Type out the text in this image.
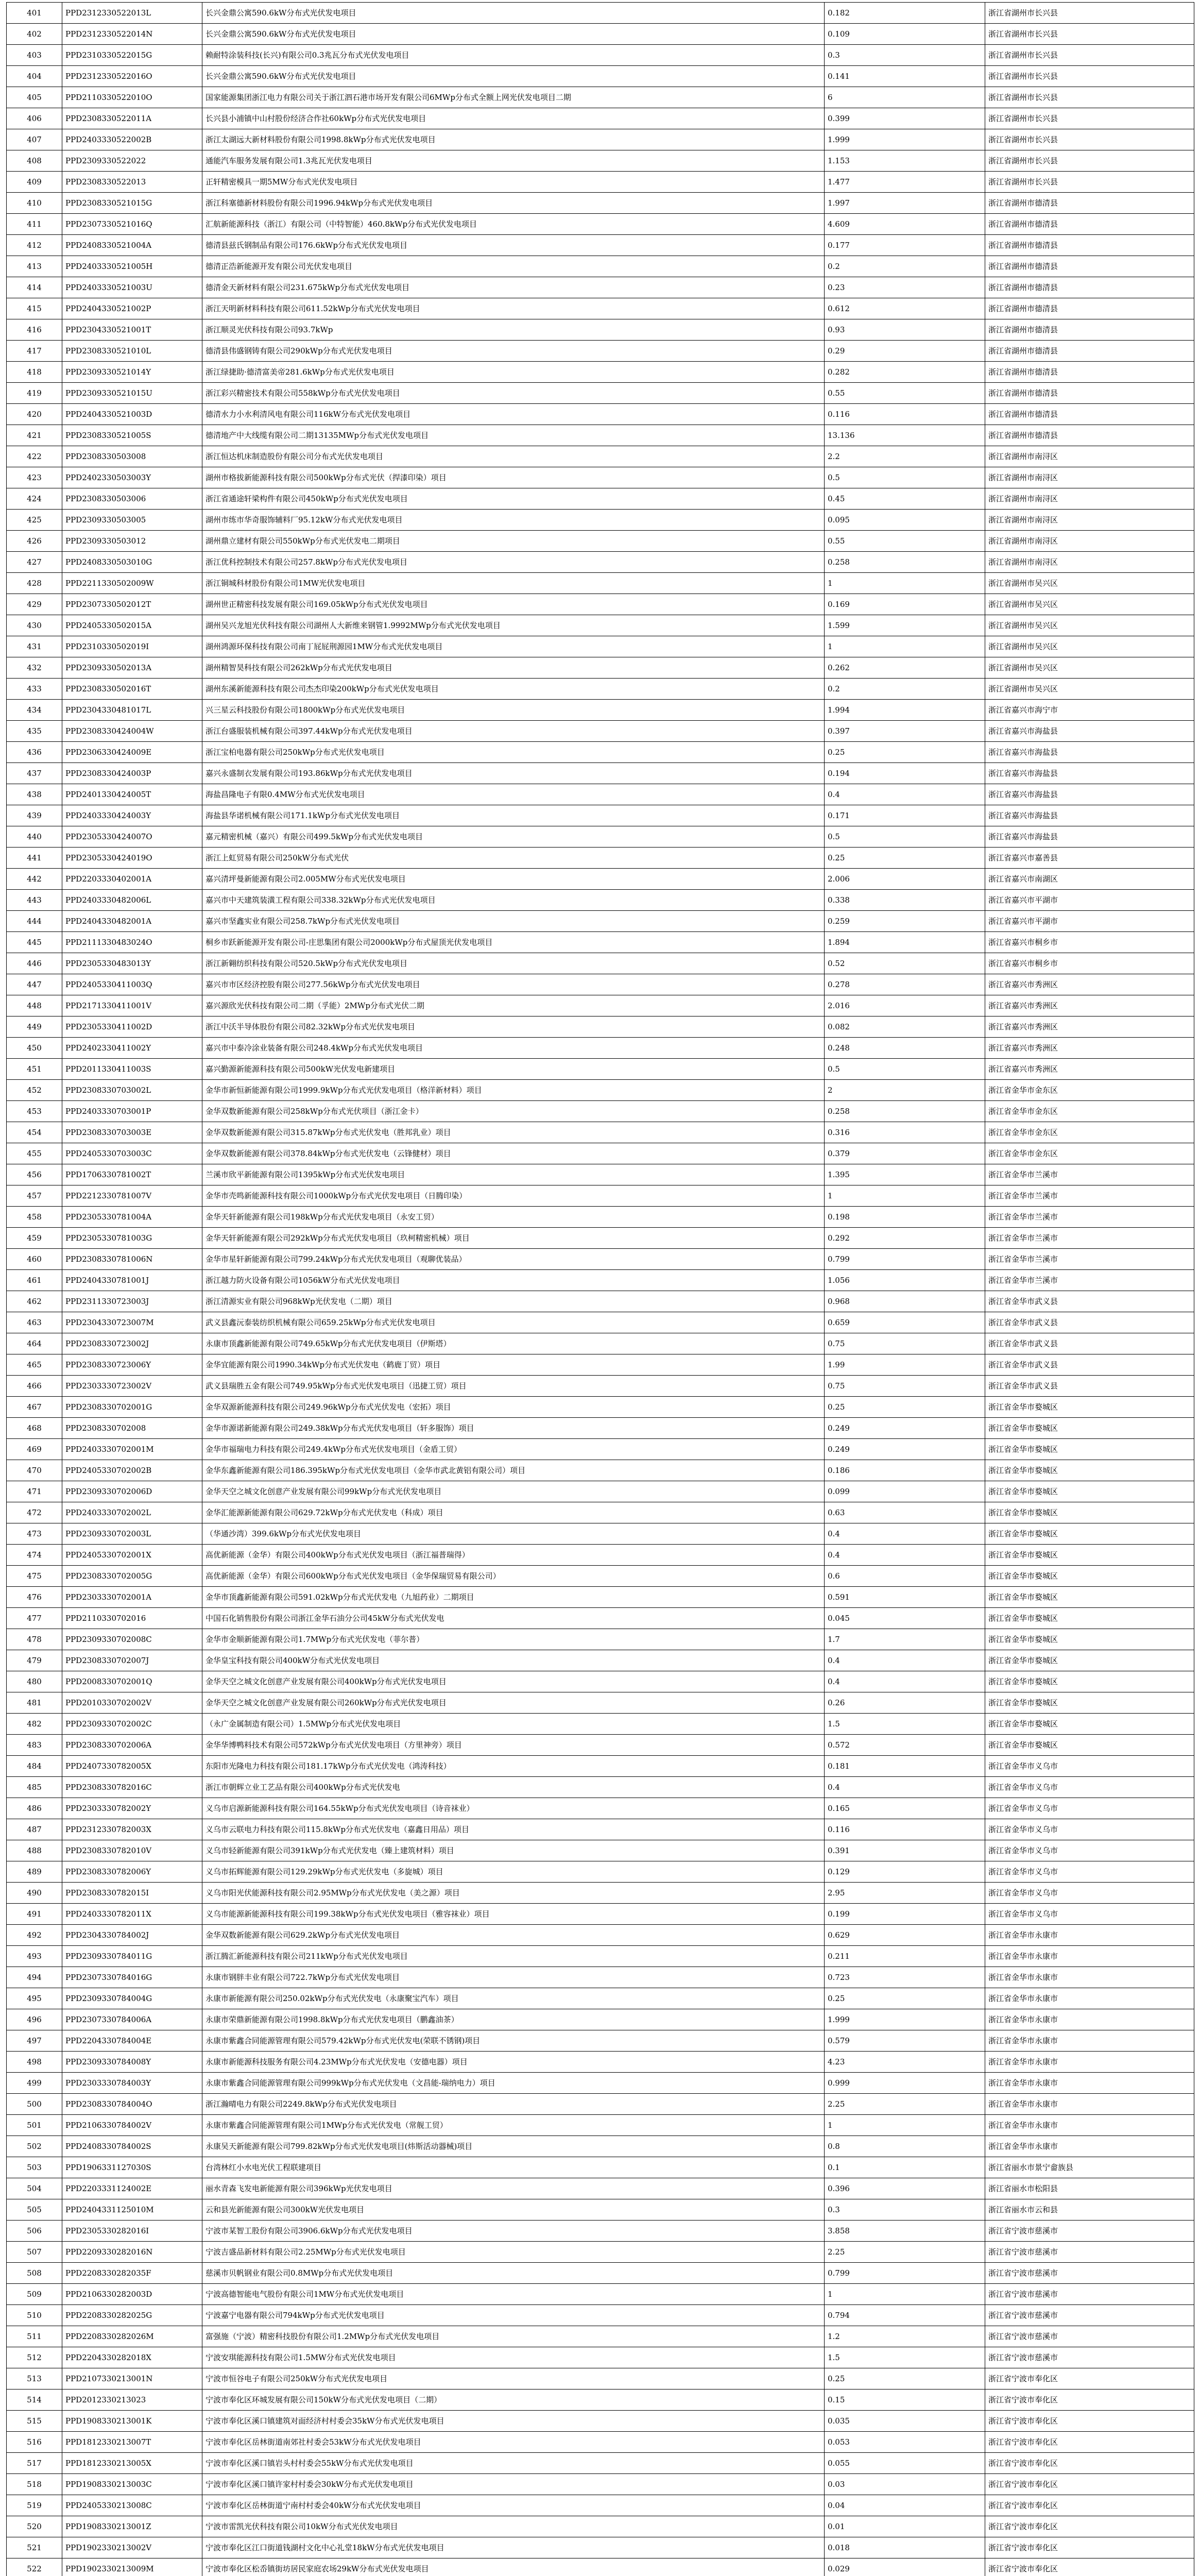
401	PPD2312330522013L	长兴金鼎公寓590.6kW分布式光伏发电项目	0.182	浙江省湖州市长兴县
402	PPD2312330522014N	长兴金鼎公寓590.6kW分布式光伏发电项目	0.109	浙江省湖州市长兴县
403	PPD2310330522015G	赖耐特涂装科技(长兴)有限公司0.3兆瓦分布式光伏发电项目	0.3	浙江省湖州市长兴县
404	PPD2312330522016O	长兴金鼎公寓590.6kW分布式光伏发电项目	0.141	浙江省湖州市长兴县
405	PPD2110330522010O	国家能源集团浙江电力有限公司关于浙江泗石港市场开发有限公司6MWp分布式全额上网光伏发电项目二期	6	浙江省湖州市长兴县
406	PPD2308330522011A	长兴县小浦镇中山村股份经济合作社60kWp分布式光伏发电项目	0.399	浙江省湖州市长兴县
407	PPD2403330522002B	浙江太湖远大新材料股份有限公司1998.8kWp分布式光伏发电项目	1.999	浙江省湖州市长兴县
408	PPD2309330522022	通能汽车服务发展有限公司1.3兆瓦光伏发电项目	1.153	浙江省湖州市长兴县
409	PPD2308330522013	正轩精密模具一期5MW分布式光伏发电项目	1.477	浙江省湖州市长兴县
410	PPD2308330521015G	浙江科塞德新材料股份有限公司1996.94kWp分布式光伏发电项目	1.997	浙江省湖州市德清县
411	PPD2307330521016Q	汇航新能源科技（浙江）有限公司（中特智能）460.8kWp分布式光伏发电项目	4.609	浙江省湖州市德清县
412	PPD2408330521004A	德清县兹氏钢制品有限公司176.6kWp分布式光伏发电项目	0.177	浙江省湖州市德清县
413	PPD2403330521005H	德清正浩新能源开发有限公司光伏发电项目	0.2	浙江省湖州市德清县
414	PPD2403330521003U	德清金天新材料有限公司231.675kWp分布式光伏发电项目	0.23	浙江省湖州市德清县
415	PPD2404330521002P	浙江天明新材料科技有限公司611.52kWp分布式光伏发电项目	0.612	浙江省湖州市德清县
416	PPD2304330521001T	浙江顺灵光伏科技有限公司93.7kWp	0.93	浙江省湖州市德清县
417	PPD2308330521010L	德清县伟盛钢铸有限公司290kWp分布式光伏发电项目	0.29	浙江省湖州市德清县
418	PPD2309330521014Y	浙江绿捷助·德清富美帝281.6kWp分布式光伏发电项目	0.282	浙江省湖州市德清县
419	PPD2309330521015U	浙江彩兴精密技术有限公司558kWp分布式光伏发电项目	0.55	浙江省湖州市德清县
420	PPD2404330521003D	德清水力小水利清风电有限公司116kW分布式光伏发电项目	0.116	浙江省湖州市德清县
421	PPD2308330521005S	德清地产中大线缆有限公司二期13135MWp分布式光伏发电项目	13.136	浙江省湖州市德清县
422	PPD2308330503008	浙江恒达机床制造股份有限公司分布式光伏发电项目	2.2	浙江省湖州市南浔区
423	PPD2402330503003Y	湖州市格拔新能源科技有限公司500kWp分布式光伏（捍漆印染）项目	0.5	浙江省湖州市南浔区
424	PPD2308330503006	浙江省通途轩梁构件有限公司450kWp分布式光伏发电项目	0.45	浙江省湖州市南浔区
425	PPD2309330503005	湖州市练市华奇服饰辅料厂95.12kW分布式光伏发电项目	0.095	浙江省湖州市南浔区
426	PPD2309330503012	湖州鼎立建材有限公司550kWp分布式光伏发电二期项目	0.55	浙江省湖州市南浔区
427	PPD2408330503010G	浙江优科控制技术有限公司257.8kWp分布式光伏发电项目	0.258	浙江省湖州市南浔区
428	PPD2211330502009W	浙江铜城科材股份有限公司1MW光伏发电项目	1	浙江省湖州市吴兴区
429	PPD2307330502012T	湖州世正精密科技发展有限公司169.05kWp分布式光伏发电项目	0.169	浙江省湖州市吴兴区
430	PPD2405330502015A	湖州吴兴龙旭光伏科技有限公司湖州人大新维来钢管1.9992MWp分布式光伏发电项目	1.599	浙江省湖州市吴兴区
431	PPD2310330502019I	湖州鸿源环保科技有限公司南丁屁屁荆源园1MW分布式光伏发电项目	1	浙江省湖州市吴兴区
432	PPD2309330502013A	湖州精智昊科技有限公司262kWp分布式光伏发电项目	0.262	浙江省湖州市吴兴区
433	PPD2308330502016T	湖州东溪新能源科技有限公司杰杰印染200kWp分布式光伏发电项目	0.2	浙江省湖州市吴兴区
434	PPD2304330481017L	兴三星云科技股份有限公司1800kWp分布式光伏发电项目	1.994	浙江省嘉兴市海宁市
435	PPD2308330424004W	浙江台盛服装机械有限公司397.44kWp分布式光伏发电项目	0.397	浙江省嘉兴市海盐县
436	PPD2306330424009E	浙江宝柏电器有限公司250kWp分布式光伏发电项目	0.25	浙江省嘉兴市海盐县
437	PPD2308330424003P	嘉兴永盛制衣发展有限公司193.86kWp分布式光伏发电项目	0.194	浙江省嘉兴市海盐县
438	PPD2401330424005T	海盐昌隆电子有限0.4MW分布式光伏发电项目	0.4	浙江省嘉兴市海盐县
439	PPD2403330424003Y	海盐县华诺机械有限公司171.1kWp分布式光伏发电项目	0.171	浙江省嘉兴市海盐县
440	PPD2305330424007O	嘉元精密机械（嘉兴）有限公司499.5kWp分布式光伏发电项目	0.5	浙江省嘉兴市海盐县
441	PPD2305330424019O	浙江上虹贸易有限公司250kW分布式光伏	0.25	浙江省嘉兴市嘉善县
442	PPD2203330402001A	嘉兴清坪曼新能源有限公司2.005MW分布式光伏发电项目	2.006	浙江省嘉兴市南湖区
443	PPD2403330482006L	嘉兴市中天建筑装潢工程有限公司338.32kWp分布式光伏发电项目	0.338	浙江省嘉兴市平湖市
444	PPD2404330482001A	嘉兴市坚鑫实业有限公司258.7kWp分布式光伏发电项目	0.259	浙江省嘉兴市平湖市
445	PPD2111330483024O	桐乡市跃新能源开发有限公司-庄思集团有限公司2000kWp分布式屋顶光伏发电项目	1.894	浙江省嘉兴市桐乡市
446	PPD2305330483013Y	浙江新翱纺织科技有限公司520.5kWp分布式光伏发电项目	0.52	浙江省嘉兴市桐乡市
447	PPD2405330411003Q	嘉兴市市区经济控股有限公司277.56kWp分布式光伏发电项目	0.278	浙江省嘉兴市秀洲区
448	PPD2171330411001V	嘉兴源欣光伏科技有限公司二期（孚能）2MWp分布式光伏二期	2.016	浙江省嘉兴市秀洲区
449	PPD2305330411002D	浙江中沃半导体股份有限公司82.32kWp分布式光伏发电项目	0.082	浙江省嘉兴市秀洲区
450	PPD2402330411002Y	嘉兴市中泰冷涂业装备有限公司248.4kWp分布式光伏发电项目	0.248	浙江省嘉兴市秀洲区
451	PPD2011330411003S	嘉兴勤源新能源科技有限公司500kW光伏发电新建项目	0.5	浙江省嘉兴市秀洲区
452	PPD2308330703002L	金华市新恒新能源有限公司1999.9kWp分布式光伏发电项目（格洋新材料）项目	2	浙江省金华市金东区
453	PPD2403330703001P	金华双数新能源有限公司258kWp分布式光伏项目（浙江金卡）	0.258	浙江省金华市金东区
454	PPD2308330703003E	金华双数新能源有限公司315.87kWp分布式光伏发电（胜邦乳业）项目	0.316	浙江省金华市金东区
455	PPD2405330703003C	金华双数新能源有限公司378.84kWp分布式光伏发电（云锋健材）项目	0.379	浙江省金华市金东区
456	PPD1706330781002T	兰溪市欣平新能源有限公司1395kWp分布式光伏发电项目	1.395	浙江省金华市兰溪市
457	PPD2212330781007V	金华市壳鸣新能源科技有限公司1000kWp分布式光伏发电项目（日腾印染）	1	浙江省金华市兰溪市
458	PPD2305330781004A	金华天轩新能源有限公司198kWp分布式光伏发电项目（永安工贸）	0.198	浙江省金华市兰溪市
459	PPD2305330781003G	金华天轩新能源有限公司292kWp分布式光伏发电项目（玖柯精密机械）项目	0.292	浙江省金华市兰溪市
460	PPD2308330781006N	金华市星轩新能源有限公司799.24kWp分布式光伏发电项目（观聊优装品）	0.799	浙江省金华市兰溪市
461	PPD2404330781001J	浙江越力防火设备有限公司1056kW分布式光伏发电项目	1.056	浙江省金华市兰溪市
462	PPD2311330723003J	浙江清源实业有限公司968kWp光伏发电（二期）项目	0.968	浙江省金华市武义县
463	PPD2304330723007M	武义县鑫沅泰装纺织机械有限公司659.25kWp分布式光伏发电项目	0.659	浙江省金华市武义县
464	PPD2308330723002J	永康市顶鑫新能源有限公司749.65kWp分布式光伏发电项目（伊斯塔）	0.75	浙江省金华市武义县
465	PPD2308330723006Y	金华宜能源有限公司1990.34kWp分布式光伏发电（鹤鹿丁贸）项目	1.99	浙江省金华市武义县
466	PPD2303330723002V	武义县瑞胜五金有限公司749.95kWp分布式光伏发电项目（迅捷工贸）项目	0.75	浙江省金华市武义县
467	PPD2308330702001G	金华双源新能源科技有限公司249.96kWp分布式光伏发电（宏拓）项目	0.25	浙江省金华市婺城区
468	PPD2308330702008	金华市源诺新能源有限公司249.38kWp分布式光伏发电项目（轩多服饰）项目	0.249	浙江省金华市婺城区
469	PPD2403330702001M	金华市福瑞电力科技有限公司249.4kWp分布式光伏发电项目（金盾工贸）	0.249	浙江省金华市婺城区
470	PPD2405330702002B	金华东鑫新能源有限公司186.395kWp分布式光伏发电项目（金华市武北黄铝有限公司）项目	0.186	浙江省金华市婺城区
471	PPD2309330702006D	金华天空之城文化创意产业发展有限公司99kWp分布式光伏发电项目	0.099	浙江省金华市婺城区
472	PPD2403330702002L	金华汇能源新能源有限公司629.72kWp分布式光伏发电（科成）项目	0.63	浙江省金华市婺城区
473	PPD2309330702003L	（华通沙湾）399.6kWp分布式光伏发电项目	0.4	浙江省金华市婺城区
474	PPD2405330702001X	高优新能源（金华）有限公司400kWp分布式光伏发电项目（浙江福普瑞得）	0.4	浙江省金华市婺城区
475	PPD2308330702005G	高优新能源（金华）有限公司600kWp分布式光伏发电项目（金华保瑞贸易有限公司）	0.6	浙江省金华市婺城区
476	PPD2303330702001A	金华市顶鑫新能源有限公司591.02kWp分布式光伏发电（九旭药业）二期项目	0.591	浙江省金华市婺城区
477	PPD2110330702016	中国石化销售股份有限公司浙江金华石油分公司45kW分布式光伏发电	0.045	浙江省金华市婺城区
478	PPD2309330702008C	金华市金顺新能源有限公司1.7MWp分布式光伏发电（菲尔普）	1.7	浙江省金华市婺城区
479	PPD2308330702007J	金华皇宝科技有限公司400kW分布式光伏发电项目	0.4	浙江省金华市婺城区
480	PPD2008330702001Q	金华天空之城文化创意产业发展有限公司400kWp分布式光伏发电项目	0.4	浙江省金华市婺城区
481	PPD2010330702002V	金华天空之城文化创意产业发展有限公司260kWp分布式光伏发电项目	0.26	浙江省金华市婺城区
482	PPD2309330702002C	（永广金属制造有限公司）1.5MWp分布式光伏发电项目	1.5	浙江省金华市婺城区
483	PPD2308330702006A	金华华博鸭料技术有限公司572kWp分布式光伏发电项目（方里神旁）项目	0.572	浙江省金华市婺城区
484	PPD2407330782005X	东阳市光隆电力科技有限公司181.17kWp分布式光伏发电（鸿涛科技）	0.181	浙江省金华市义乌市
485	PPD2308330782016C	浙江市朝辉立业工艺品有限公司400kWp分布式光伏发电	0.4	浙江省金华市义乌市
486	PPD2303330782002Y	义乌市启源新能源科技有限公司164.55kWp分布式光伏发电项目（诗音袜业）	0.165	浙江省金华市义乌市
487	PPD2312330782003X	义乌市云联电力科技有限公司115.8kWp分布式光伏发电（嘉鑫日用品）项目	0.116	浙江省金华市义乌市
488	PPD2308330782010V	义乌市轻新能源有限公司391kWp分布式光伏发电（臻上建筑材料）项目	0.391	浙江省金华市义乌市
489	PPD2308330782006Y	义乌市拓辉能源有限公司129.29kWp分布式光伏发电（多旋城）项目	0.129	浙江省金华市义乌市
490	PPD2308330782015I	义乌市阳光伏能源科技有限公司2.95MWp分布式光伏发电（美之源）项目	2.95	浙江省金华市义乌市
491	PPD2403330782011X	义乌市能源新能源科技有限公司199.38kWp分布式光伏发电项目（雅容袜业）项目	0.199	浙江省金华市义乌市
492	PPD2304330784002J	金华双数新能源有限公司629.2kWp分布式光伏发电项目	0.629	浙江省金华市永康市
493	PPD2309330784011G	浙江腾汇新能源科技有限公司211kWp分布式光伏发电项目	0.211	浙江省金华市永康市
494	PPD2307330784016G	永康市钢胖丰业有限公司722.7kWp分布式光伏发电项目	0.723	浙江省金华市永康市
495	PPD2309330784004G	永康市新能源有限公司250.02kWp分布式光伏发电（永康聚宝汽车）项目	0.25	浙江省金华市永康市
496	PPD2307330784006A	永康市荣鼎新能源有限公司1998.8kWp分布式光伏发电项目（鹏鑫油茶）	1.999	浙江省金华市永康市
497	PPD2204330784004E	永康市紫鑫合同能源管理有限公司579.42kWp分布式光伏发电(荣联不锈钢)项目	0.579	浙江省金华市永康市
498	PPD2309330784008Y	永康市新能源科技服务有限公司4.23MWp分布式光伏发电（安德电器）项目	4.23	浙江省金华市永康市
499	PPD2303330784003Y	永康市紫鑫合同能源管理有限公司999kWp分布式光伏发电（文昌能-瑞纳电力）项目	0.999	浙江省金华市永康市
500	PPD2308330784004O	浙江瀚晴电力有限公司2249.8kWp分布式光伏发电项目	2.25	浙江省金华市永康市
501	PPD2106330784002V	永康市紫鑫合同能源管理有限公司1MWp分布式光伏发电（常舰工贸）	1	浙江省金华市永康市
502	PPD2408330784002S	永康吴天新能源有限公司799.82kWp分布式光伏发电项目(炜斯活动器械)项目	0.8	浙江省金华市永康市
503	PPD1906331127030S	台湾林红小水电光伏工程联建项目	0.1	浙江省丽水市景宁畲族县
504	PPD2203331124002E	丽水青森飞发电新能源有限公司396kWp光伏发电项目	0.396	浙江省丽水市松阳县
505	PPD2404331125010M	云和县光新能源有限公司300kW光伏发电项目	0.3	浙江省丽水市云和县
506	PPD2305330282016I	宁波市某智工股份有限公司3906.6kWp分布式光伏发电项目	3.858	浙江省宁波市慈溪市
507	PPD2209330282016N	宁波吉盛品新材料有限公司2.25MWp分布式光伏发电项目	2.25	浙江省宁波市慈溪市
508	PPD2208330282035F	慈溪市贝帆钢业有限公司0.8MWp分布式光伏发电项目	0.799	浙江省宁波市慈溪市
509	PPD2106330282003D	宁波高德智能电气股份有限公司1MW分布式光伏发电项目	1	浙江省宁波市慈溪市
510	PPD2208330282025G	宁波嘉宁电器有限公司794kWp分布式光伏发电项目	0.794	浙江省宁波市慈溪市
511	PPD2208330282026M	富强施（宁波）精密科技股份有限公司1.2MWp分布式光伏发电项目	1.2	浙江省宁波市慈溪市
512	PPD2204330282018X	宁波安琪能源科技有限公司1.5MW分布式光伏发电项目	1.5	浙江省宁波市慈溪市
513	PPD2107330213001N	宁波市恒谷电子有限公司250kW分布式光伏发电项目	0.25	浙江省宁波市奉化区
514	PPD2012330213023	宁波市奉化区环城发展有限公司150kW分布式光伏发电项目（二期）	0.15	浙江省宁波市奉化区
515	PPD1908330213001K	宁波市奉化区溪口镇建筑对面经济村村委会35kW分布式光伏发电项目	0.035	浙江省宁波市奉化区
516	PPD1812330213007T	宁波市奉化区岳林街道南郊社村委会53kW分布式光伏发电项目	0.053	浙江省宁波市奉化区
517	PPD1812330213005X	宁波市奉化区溪口镇岩头村村委会55kW分布式光伏发电项目	0.055	浙江省宁波市奉化区
518	PPD1908330213003C	宁波市奉化区溪口镇许家村村委会30kW分布式光伏发电项目	0.03	浙江省宁波市奉化区
519	PPD2405330213008C	宁波市奉化区岳林街道宁南村村委会40kW分布式光伏发电项目	0.04	浙江省宁波市奉化区
520	PPD1908330213001Z	宁波市雷凯光伏科技有限公司10kW分布式光伏发电项目	0.01	浙江省宁波市奉化区
521	PPD1902330213002V	宁波市奉化区江口街道钱湖村文化中心礼堂18kW分布式光伏发电项目	0.018	浙江省宁波市奉化区
522	PPD1902330213009M	宁波市奉化区松岙镇街坊居民家庭农场29kW分布式光伏发电项目	0.029	浙江省宁波市奉化区
